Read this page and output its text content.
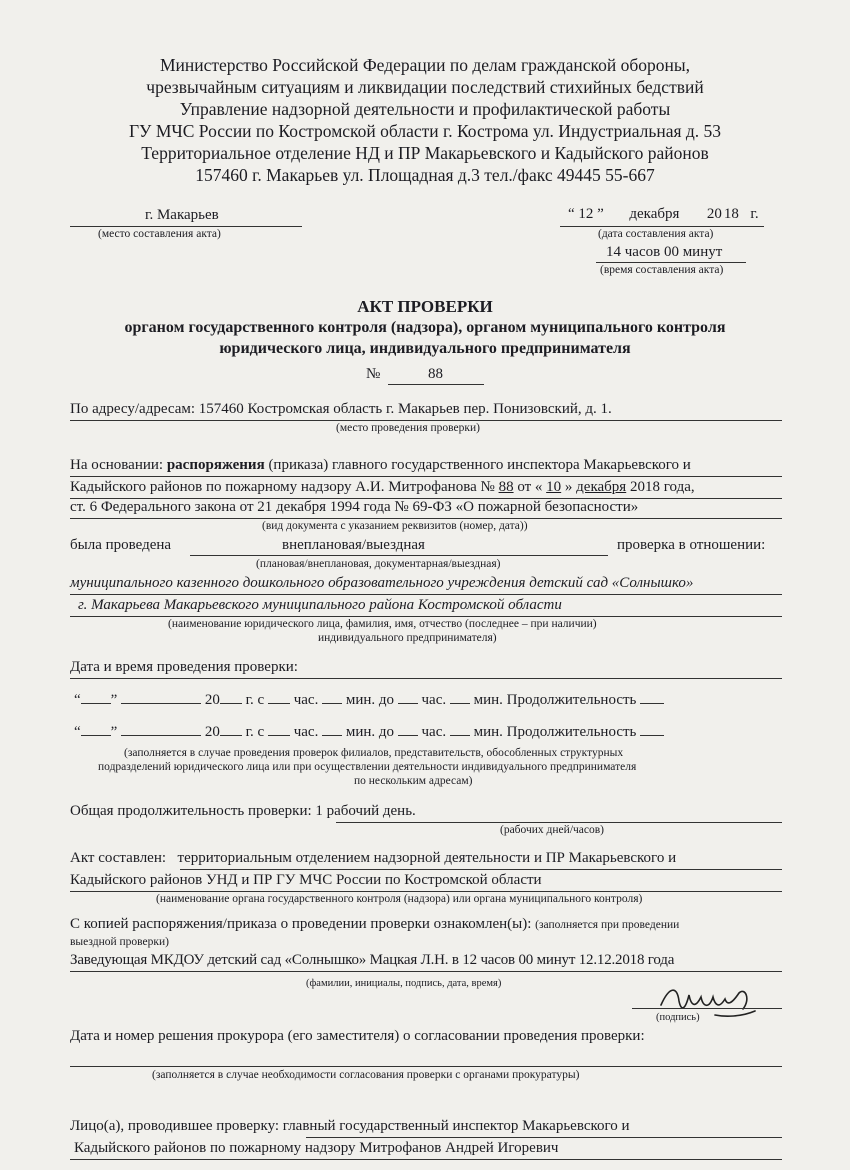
Министерство Российской Федерации по делам гражданской обороны,
чрезвычайным ситуациям и ликвидации последствий стихийных бедствий
Управление надзорной деятельности и профилактической работы
ГУ МЧС России по Костромской области г. Кострома ул. Индустриальная д. 53
Территориальное отделение НД и ПР Макарьевского и Кадыйского районов
157460 г. Макарьев ул. Площадная д.3 тел./факс 49445 55-667
г. Макарьев
(место составления акта)
“ 12 ” декабря 20 18 г.
(дата составления акта)
14 часов 00 минут
(время составления акта)
АКТ ПРОВЕРКИ
органом государственного контроля (надзора), органом муниципального контроля
юридического лица, индивидуального предпринимателя
№	88
По адресу/адресам: 157460 Костромская область г. Макарьев пер. Понизовский, д. 1.
(место проведения проверки)
На основании: распоряжения (приказа) главного государственного инспектора Макарьевского и
Кадыйского районов по пожарному надзору А.И. Митрофанова № 88 от « 10 » декабря 2018 года,
ст. 6 Федерального закона от 21 декабря 1994 года № 69-ФЗ «О пожарной безопасности»
(вид документа с указанием реквизитов (номер, дата))
была проведена	внеплановая/выездная	проверка в отношении:
(плановая/внеплановая, документарная/выездная)
муниципального казенного дошкольного образовательного учреждения детский сад «Солнышко»
г. Макарьева Макарьевского муниципального района Костромской области
(наименование юридического лица, фамилия, имя, отчество (последнее – при наличии)
индивидуального предпринимателя)
Дата и время проведения проверки:
“ ”	20 г. с час. мин. до час. мин. Продолжительность
“ ”	20 г. с час. мин. до час. мин. Продолжительность
(заполняется в случае проведения проверок филиалов, представительств, обособленных структурных
подразделений юридического лица или при осуществлении деятельности индивидуального предпринимателя
по нескольким адресам)
Общая продолжительность проверки: 1 рабочий день.
(рабочих дней/часов)
Акт составлен: территориальным отделением надзорной деятельности и ПР Макарьевского и
Кадыйского районов УНД и ПР ГУ МЧС России по Костромской области
(наименование органа государственного контроля (надзора) или органа муниципального контроля)
С копией распоряжения/приказа о проведении проверки ознакомлен(ы): (заполняется при проведении
выездной проверки)
Заведующая МКДОУ детский сад «Солнышко» Мацкая Л.Н. в 12 часов 00 минут 12.12.2018 года
(фамилии, инициалы, подпись, дата, время)
(подпись)
Дата и номер решения прокурора (его заместителя) о согласовании проведения проверки:
(заполняется в случае необходимости согласования проверки с органами прокуратуры)
Лицо(а), проводившее проверку: главный государственный инспектор Макарьевского и
Кадыйского районов по пожарному надзору Митрофанов Андрей Игоревич
